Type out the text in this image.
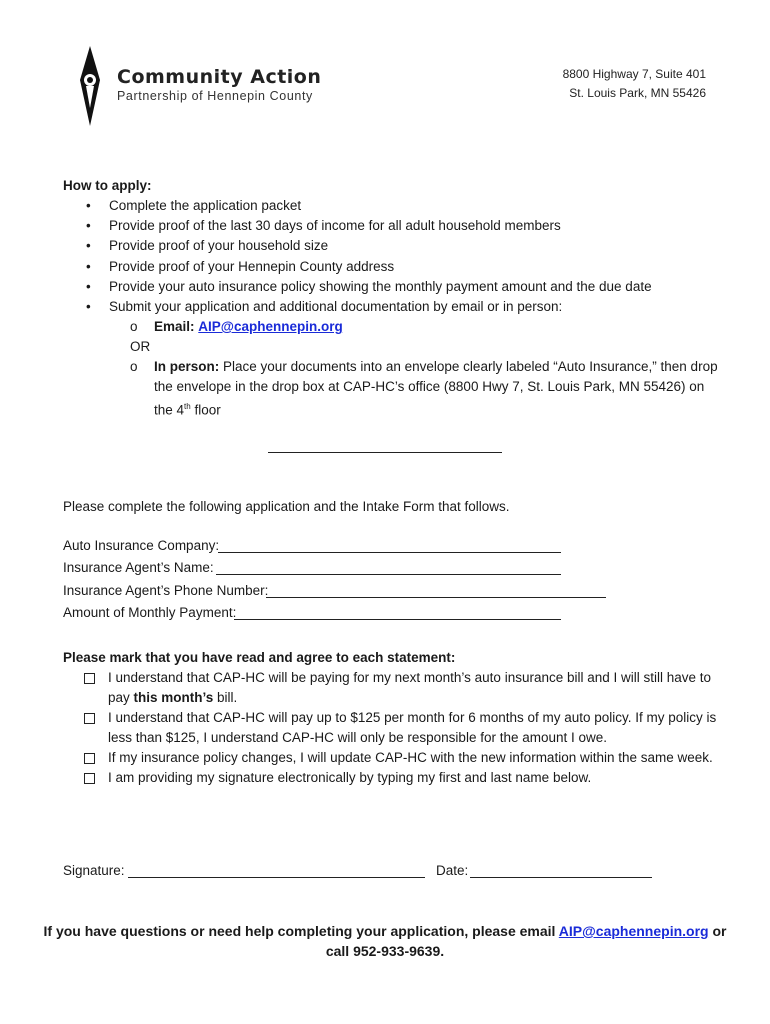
Community Action
Partnership of Hennepin County
8800 Highway 7, Suite 401
St. Louis Park, MN 55426
How to apply:
• Complete the application packet
• Provide proof of the last 30 days of income for all adult household members
• Provide proof of your household size
• Provide proof of your Hennepin County address
• Provide your auto insurance policy showing the monthly payment amount and the due date
• Submit your application and additional documentation by email or in person:
o Email: AIP@caphennepin.org
OR
o In person: Place your documents into an envelope clearly labeled “Auto Insurance,” then drop the envelope in the drop box at CAP-HC’s office (8800 Hwy 7, St. Louis Park, MN 55426) on the 4th floor
Please complete the following application and the Intake Form that follows.
Auto Insurance Company:
Insurance Agent’s Name:
Insurance Agent’s Phone Number:
Amount of Monthly Payment:
Please mark that you have read and agree to each statement:
I understand that CAP-HC will be paying for my next month’s auto insurance bill and I will still have to pay this month’s bill.
I understand that CAP-HC will pay up to $125 per month for 6 months of my auto policy. If my policy is less than $125, I understand CAP-HC will only be responsible for the amount I owe.
If my insurance policy changes, I will update CAP-HC with the new information within the same week.
I am providing my signature electronically by typing my first and last name below.
Signature:	Date:
If you have questions or need help completing your application, please email AIP@caphennepin.org or call 952-933-9639.
